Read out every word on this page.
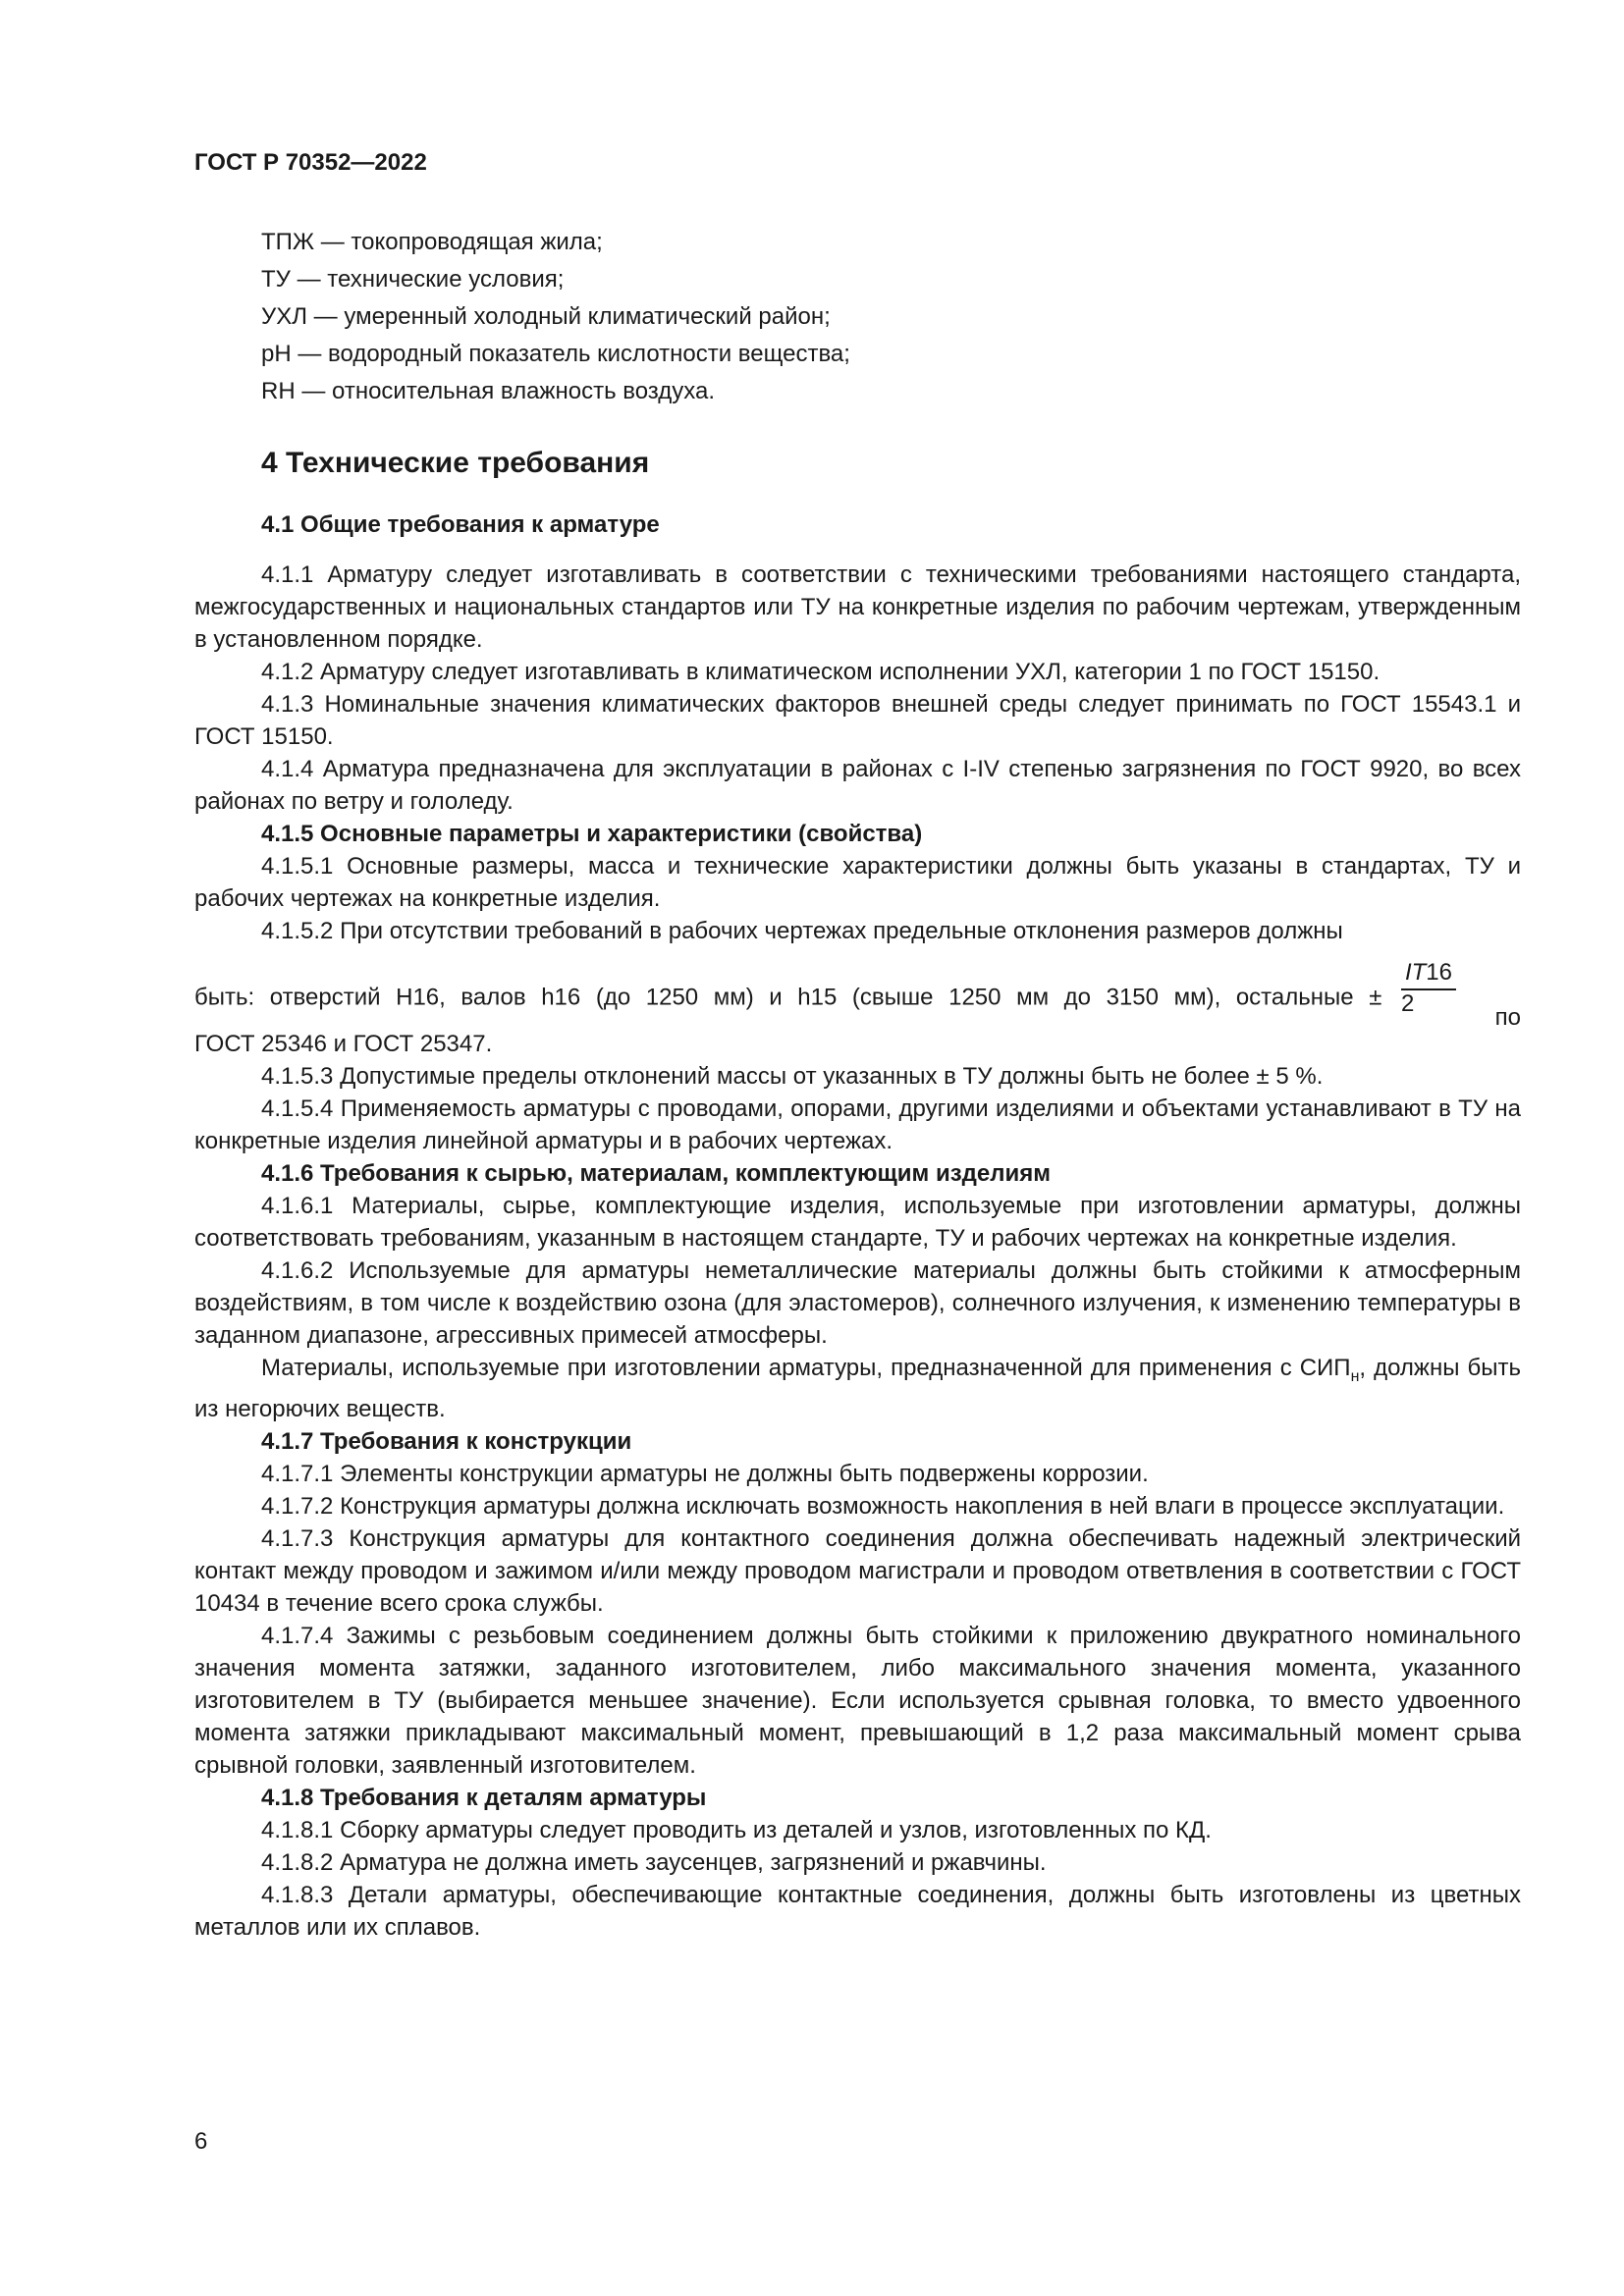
ГОСТ Р 70352—2022

ТПЖ — токопроводящая жила;
ТУ — технические условия;
УХЛ — умеренный холодный климатический район;
pH — водородный показатель кислотности вещества;
RH — относительная влажность воздуха.
4 Технические требования
4.1 Общие требования к арматуре

4.1.1 Арматуру следует изготавливать в соответствии с техническими требованиями настоящего стандарта, межгосударственных и национальных стандартов или ТУ на конкретные изделия по рабочим чертежам, утвержденным в установленном порядке.

4.1.2 Арматуру следует изготавливать в климатическом исполнении УХЛ, категории 1 по ГОСТ 15150.

4.1.3 Номинальные значения климатических факторов внешней среды следует принимать по ГОСТ 15543.1 и ГОСТ 15150.

4.1.4 Арматура предназначена для эксплуатации в районах с I-IV степенью загрязнения по ГОСТ 9920, во всех районах по ветру и гололеду.

4.1.5 Основные параметры и характеристики (свойства)

4.1.5.1 Основные размеры, масса и технические характеристики должны быть указаны в стандартах, ТУ и рабочих чертежах на конкретные изделия.

4.1.5.2 При отсутствии требований в рабочих чертежах предельные отклонения размеров должны

быть: отверстий Н16, валов h16 (до 1250 мм) и h15 (свыше 1250 мм до 3150 мм), остальные ± $\frac{IT16}{2}$ по

ГОСТ 25346 и ГОСТ 25347.

4.1.5.3 Допустимые пределы отклонений массы от указанных в ТУ должны быть не более ± 5 %.

4.1.5.4 Применяемость арматуры с проводами, опорами, другими изделиями и объектами устанавливают в ТУ на конкретные изделия линейной арматуры и в рабочих чертежах.

4.1.6 Требования к сырью, материалам, комплектующим изделиям

4.1.6.1 Материалы, сырье, комплектующие изделия, используемые при изготовлении арматуры, должны соответствовать требованиям, указанным в настоящем стандарте, ТУ и рабочих чертежах на конкретные изделия.

4.1.6.2 Используемые для арматуры неметаллические материалы должны быть стойкими к атмосферным воздействиям, в том числе к воздействию озона (для эластомеров), солнечного излучения, к изменению температуры в заданном диапазоне, агрессивных примесей атмосферы.

Материалы, используемые при изготовлении арматуры, предназначенной для применения с $СИП_н$, должны быть из негорючих веществ.

4.1.7 Требования к конструкции

4.1.7.1 Элементы конструкции арматуры не должны быть подвержены коррозии.

4.1.7.2 Конструкция арматуры должна исключать возможность накопления в ней влаги в процессе эксплуатации.

4.1.7.3 Конструкция арматуры для контактного соединения должна обеспечивать надежный электрический контакт между проводом и зажимом и/или между проводом магистрали и проводом ответвления в соответствии с ГОСТ 10434 в течение всего срока службы.

4.1.7.4 Зажимы с резьбовым соединением должны быть стойкими к приложению двукратного номинального значения момента затяжки, заданного изготовителем, либо максимального значения момента, указанного изготовителем в ТУ (выбирается меньшее значение). Если используется срывная головка, то вместо удвоенного момента затяжки прикладывают максимальный момент, превышающий в 1,2 раза максимальный момент срыва срывной головки, заявленный изготовителем.

4.1.8 Требования к деталям арматуры

4.1.8.1 Сборку арматуры следует проводить из деталей и узлов, изготовленных по КД.

4.1.8.2 Арматура не должна иметь заусенцев, загрязнений и ржавчины.

4.1.8.3 Детали арматуры, обеспечивающие контактные соединения, должны быть изготовлены из цветных металлов или их сплавов.

6
